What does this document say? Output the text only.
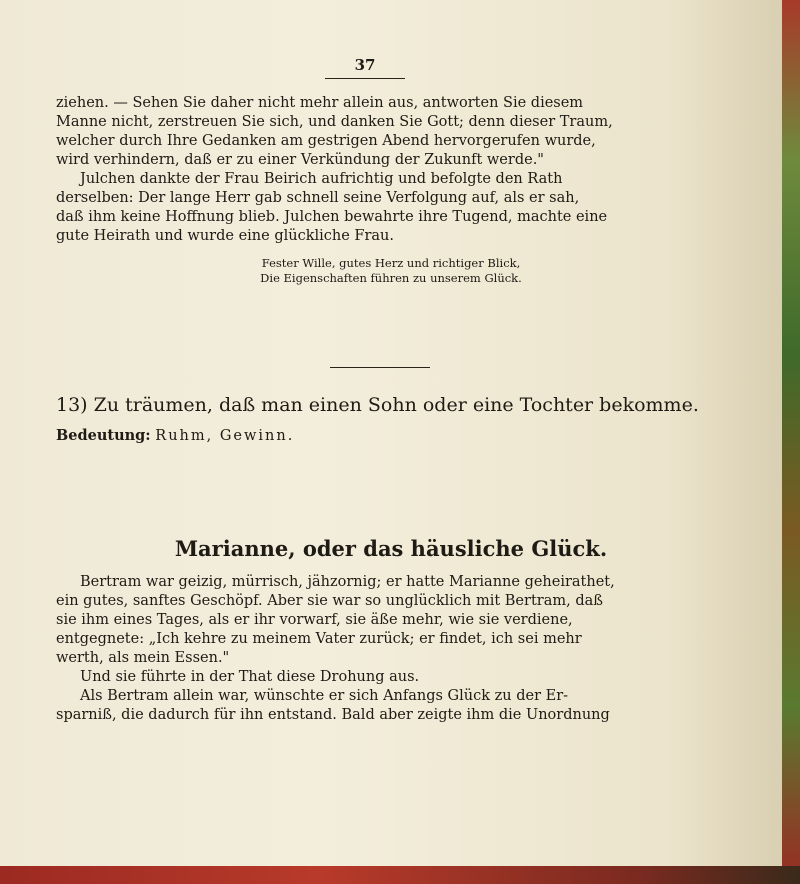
37
ziehen. — Sehen Sie daher nicht mehr allein aus, antworten Sie diesem
Manne nicht, zerstreuen Sie sich, und danken Sie Gott; denn dieser Traum,
welcher durch Ihre Gedanken am gestrigen Abend hervorgerufen wurde,
wird verhindern, daß er zu einer Verkündung der Zukunft werde."
Julchen dankte der Frau Beirich aufrichtig und befolgte den Rath
derselben: Der lange Herr gab schnell seine Verfolgung auf, als er sah,
daß ihm keine Hoffnung blieb. Julchen bewahrte ihre Tugend, machte eine
gute Heirath und wurde eine glückliche Frau.
Fester Wille, gutes Herz und richtiger Blick,
Die Eigenschaften führen zu unserem Glück.
13) Zu träumen, daß man einen Sohn oder eine Tochter bekomme.
Bedeutung: Ruhm, Gewinn.
Marianne, oder das häusliche Glück.
Bertram war geizig, mürrisch, jähzornig; er hatte Marianne geheirathet,
ein gutes, sanftes Geschöpf. Aber sie war so unglücklich mit Bertram, daß
sie ihm eines Tages, als er ihr vorwarf, sie äße mehr, wie sie verdiene,
entgegnete: „Ich kehre zu meinem Vater zurück; er findet, ich sei mehr
werth, als mein Essen."
Und sie führte in der That diese Drohung aus.
Als Bertram allein war, wünschte er sich Anfangs Glück zu der Er-
sparniß, die dadurch für ihn entstand. Bald aber zeigte ihm die Unordnung
